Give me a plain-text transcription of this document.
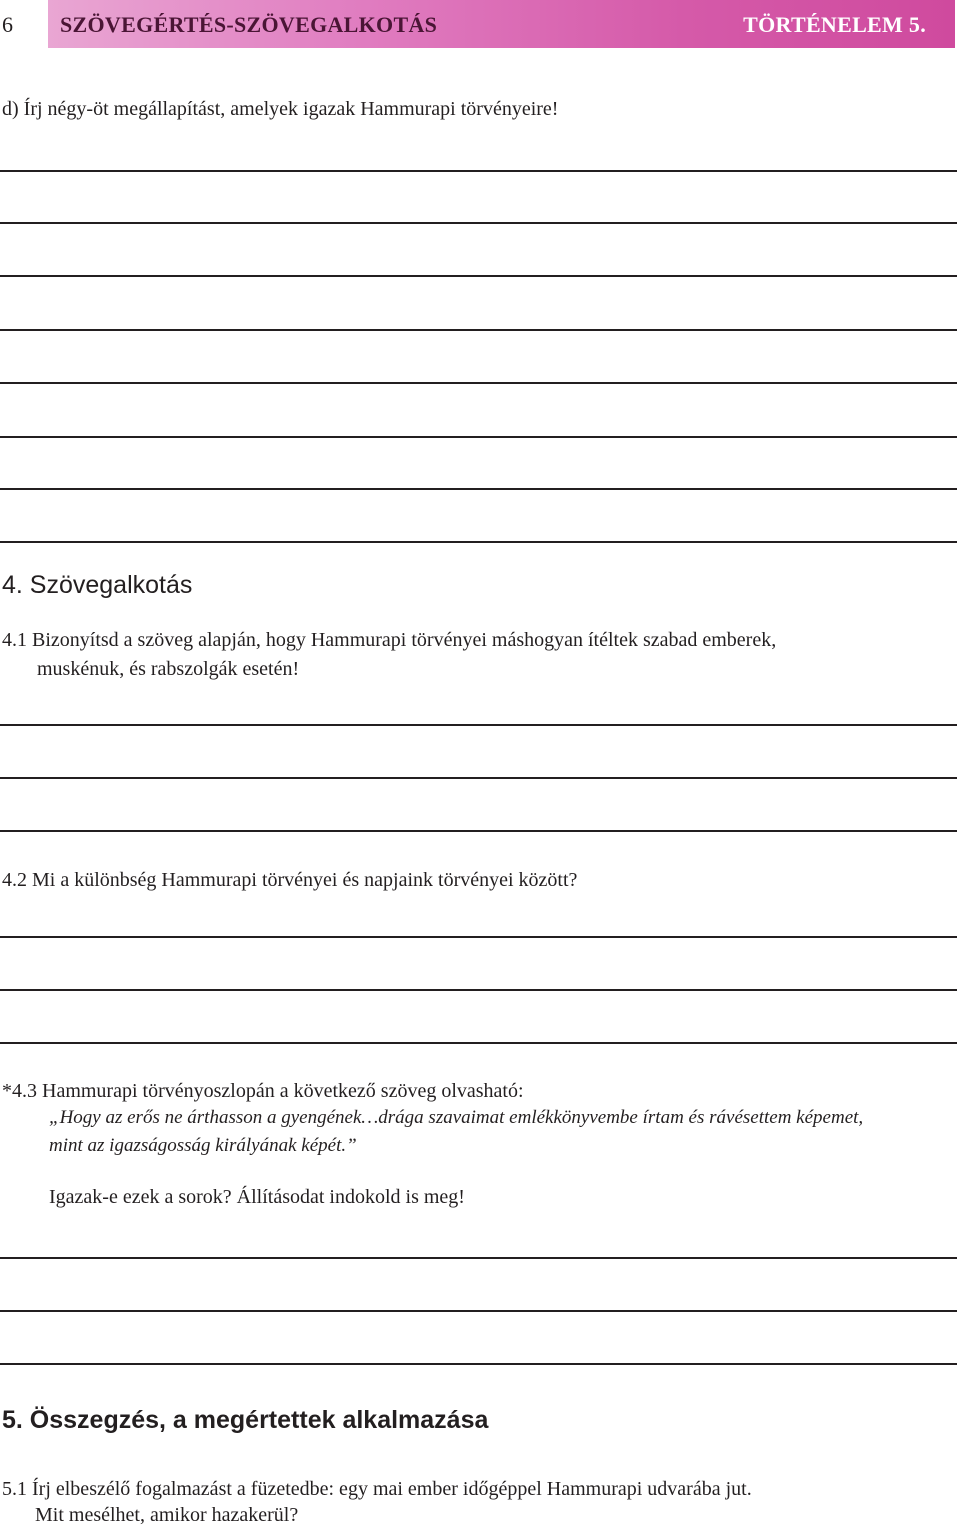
6 SZÖVEGÉRTÉS-SZÖVEGALKOTÁS	TÖRTÉNELEM 5.
d) Írj négy-öt megállapítást, amelyek igazak Hammurapi törvényeire!
4. Szövegalkotás
4.1 Bizonyítsd a szöveg alapján, hogy Hammurapi törvényei máshogyan ítéltek szabad emberek,
muskénuk, és rabszolgák esetén!
4.2 Mi a különbség Hammurapi törvényei és napjaink törvényei között?
*4.3 Hammurapi törvényoszlopán a következő szöveg olvasható:
„Hogy az erős ne árthasson a gyengének…drága szavaimat emlékkönyvembe írtam és rávésettem képemet,
mint az igazságosság királyának képét.”
Igazak-e ezek a sorok? Állításodat indokold is meg!
5. Összegzés, a megértettek alkalmazása
5.1 Írj elbeszélő fogalmazást a füzetedbe: egy mai ember időgéppel Hammurapi udvarába jut.
Mit mesélhet, amikor hazakerül?
